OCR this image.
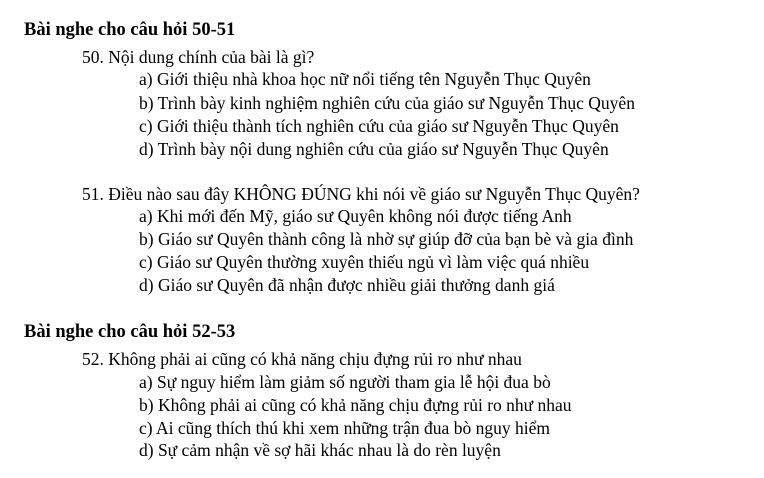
Bài nghe cho câu hỏi 50-51
50. Nội dung chính của bài là gì?
a) Giới thiệu nhà khoa học nữ nổi tiếng tên Nguyễn Thục Quyên
b) Trình bày kinh nghiệm nghiên cứu của giáo sư Nguyễn Thục Quyên
c) Giới thiệu thành tích nghiên cứu của giáo sư Nguyễn Thục Quyên
d) Trình bày nội dung nghiên cứu của giáo sư Nguyễn Thục Quyên
51. Điều nào sau đây KHÔNG ĐÚNG khi nói về giáo sư Nguyễn Thục Quyên?
a) Khi mới đến Mỹ, giáo sư Quyên không nói được tiếng Anh
b) Giáo sư Quyên thành công là nhờ sự giúp đỡ của bạn bè và gia đình
c) Giáo sư Quyên thường xuyên thiếu ngủ vì làm việc quá nhiều
d) Giáo sư Quyên đã nhận được nhiều giải thưởng danh giá
Bài nghe cho câu hỏi 52-53
52. Không phải ai cũng có khả năng chịu đựng rủi ro như nhau
a) Sự nguy hiểm làm giảm số người tham gia lễ hội đua bò
b) Không phải ai cũng có khả năng chịu đựng rủi ro như nhau
c) Ai cũng thích thú khi xem những trận đua bò nguy hiểm
d) Sự cảm nhận về sợ hãi khác nhau là do rèn luyện
